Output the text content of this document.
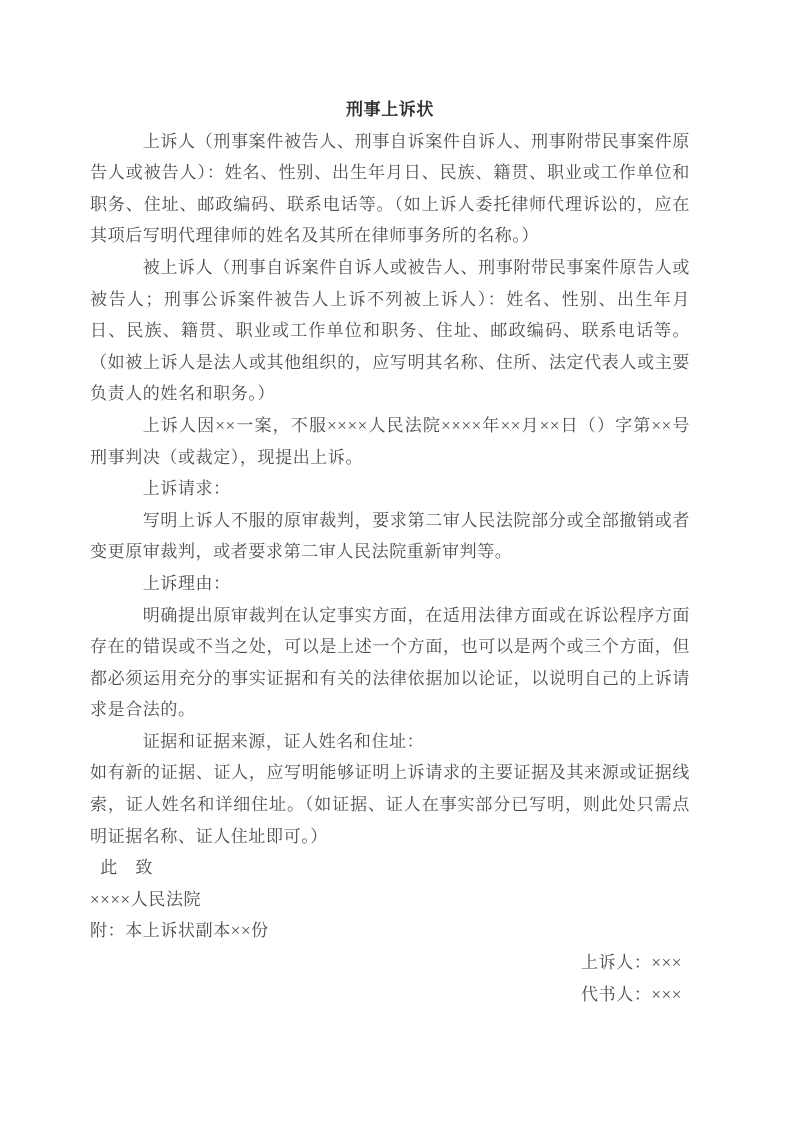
刑事上诉状

上诉人（刑事案件被告人、刑事自诉案件自诉人、刑事附带民事案件原告人或被告人）：姓名、性别、出生年月日、民族、籍贯、职业或工作单位和职务、住址、邮政编码、联系电话等。（如上诉人委托律师代理诉讼的，应在其项后写明代理律师的姓名及其所在律师事务所的名称。）

被上诉人（刑事自诉案件自诉人或被告人、刑事附带民事案件原告人或被告人；刑事公诉案件被告人上诉不列被上诉人）：姓名、性别、出生年月日、民族、籍贯、职业或工作单位和职务、住址、邮政编码、联系电话等。（如被上诉人是法人或其他组织的，应写明其名称、住所、法定代表人或主要负责人的姓名和职务。）

上诉人因××一案，不服××××人民法院××××年××月××日（）字第××号刑事判决（或裁定），现提出上诉。

上诉请求：

写明上诉人不服的原审裁判，要求第二审人民法院部分或全部撤销或者变更原审裁判，或者要求第二审人民法院重新审判等。

上诉理由：

明确提出原审裁判在认定事实方面，在适用法律方面或在诉讼程序方面存在的错误或不当之处，可以是上述一个方面，也可以是两个或三个方面，但都必须运用充分的事实证据和有关的法律依据加以论证，以说明自己的上诉请求是合法的。

证据和证据来源，证人姓名和住址：

如有新的证据、证人，应写明能够证明上诉请求的主要证据及其来源或证据线索，证人姓名和详细住址。（如证据、证人在事实部分已写明，则此处只需点明证据名称、证人住址即可。）

此　致

××××人民法院

附：本上诉状副本××份

上诉人：×××

代书人：×××
